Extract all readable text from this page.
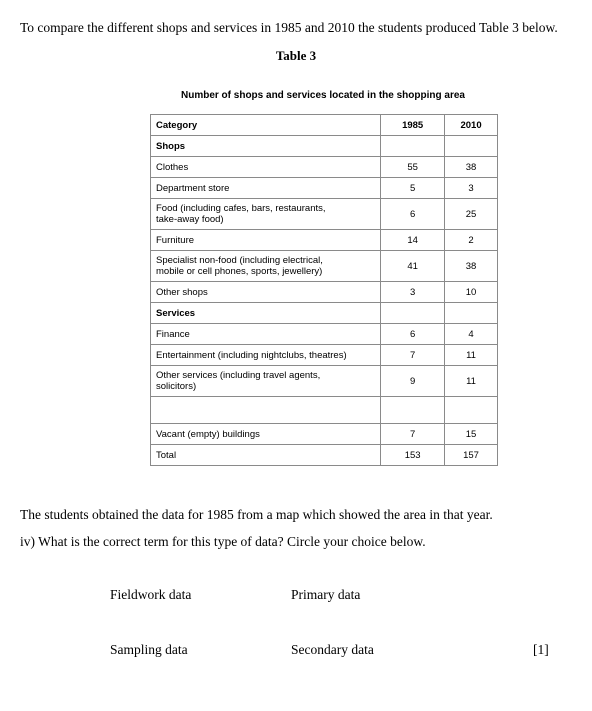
To compare the different shops and services in 1985 and 2010 the students produced Table 3 below.
Table 3
Number of shops and services located in the shopping area
Category	1985	2010
Shops		
Clothes	55	38
Department store	5	3
Food (including cafes, bars, restaurants,
take-away food)	6	25
Furniture	14	2
Specialist non-food (including electrical,
mobile or cell phones, sports, jewellery)	41	38
Other shops	3	10
Services		
Finance	6	4
Entertainment (including nightclubs, theatres)	7	11
Other services (including travel agents,
solicitors)	9	11

Vacant (empty) buildings	7	15
Total	153	157
The students obtained the data for 1985 from a map which showed the area in that year.
iv) What is the correct term for this type of data? Circle your choice below.
Fieldwork data	Primary data
Sampling data	Secondary data	[1]
